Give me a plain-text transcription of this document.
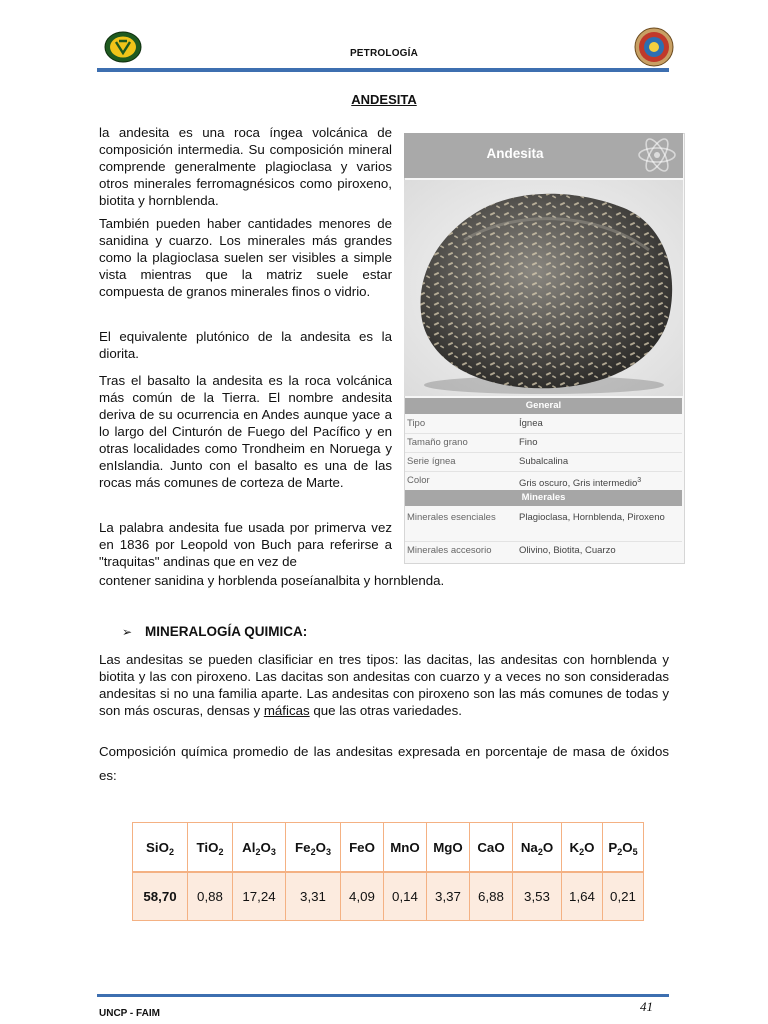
PETROLOGÍA
ANDESITA

la andesita es una roca íngea volcánica de composición intermedia. Su composición mineral comprende generalmente plagioclasa y varios otros minerales ferromagnésicos como piroxeno, biotita y hornblenda.

También pueden haber cantidades menores de sanidina y cuarzo. Los minerales más grandes como la plagioclasa suelen ser visibles a simple vista mientras que la matriz suele estar compuesta de granos minerales finos o vidrio.

El equivalente plutónico de la andesita es la diorita.

Tras el basalto la andesita es la roca volcánica más común de la Tierra. El nombre andesita deriva de su ocurrencia en Andes aunque yace a lo largo del Cinturón de Fuego del Pacífico y en otras localidades como Trondheim en Noruega y enIslandia. Junto con el basalto es una de las rocas más comunes de corteza de Marte.

La palabra andesita fue usada por primerva vez en 1836 por Leopold von Buch para referirse a "traquitas" andinas que en vez de

contener sanidina y horblenda poseíanalbita y hornblenda.
Andesita
General
Tipo	Ígnea
Tamaño grano	Fino
Serie ígnea	Subalcalina
Color	Gris oscuro, Gris intermedio$^3$
Minerales
Minerales esenciales Plagioclasa, Hornblenda, Piroxeno
Minerales accesorio	Olivino, Biotita, Cuarzo
➢ MINERALOGÍA QUIMICA:

Las andesitas se pueden clasificiar en tres tipos: las dacitas, las andesitas con hornblenda y biotita y las con piroxeno. Las dacitas son andesitas con cuarzo y a veces no son consideradas andesitas si no una familia aparte. Las andesitas con piroxeno son las más comunes de todas y son más oscuras, densas y máficas que las otras variedades.

Composición química promedio de las andesitas expresada en porcentaje de masa de óxidos es:

SiO$_2$	TiO$_2$	$Al_2O_3$	$Fe_2O_3$	FeO	MnO	MgO	CaO	$Na_2O$	$K_2O$	$P_2O_5$
58,70	0,88	17,24	3,31	4,09	0,14	3,37	6,88	3,53	1,64	0,21
UNCP - FAIM	41
